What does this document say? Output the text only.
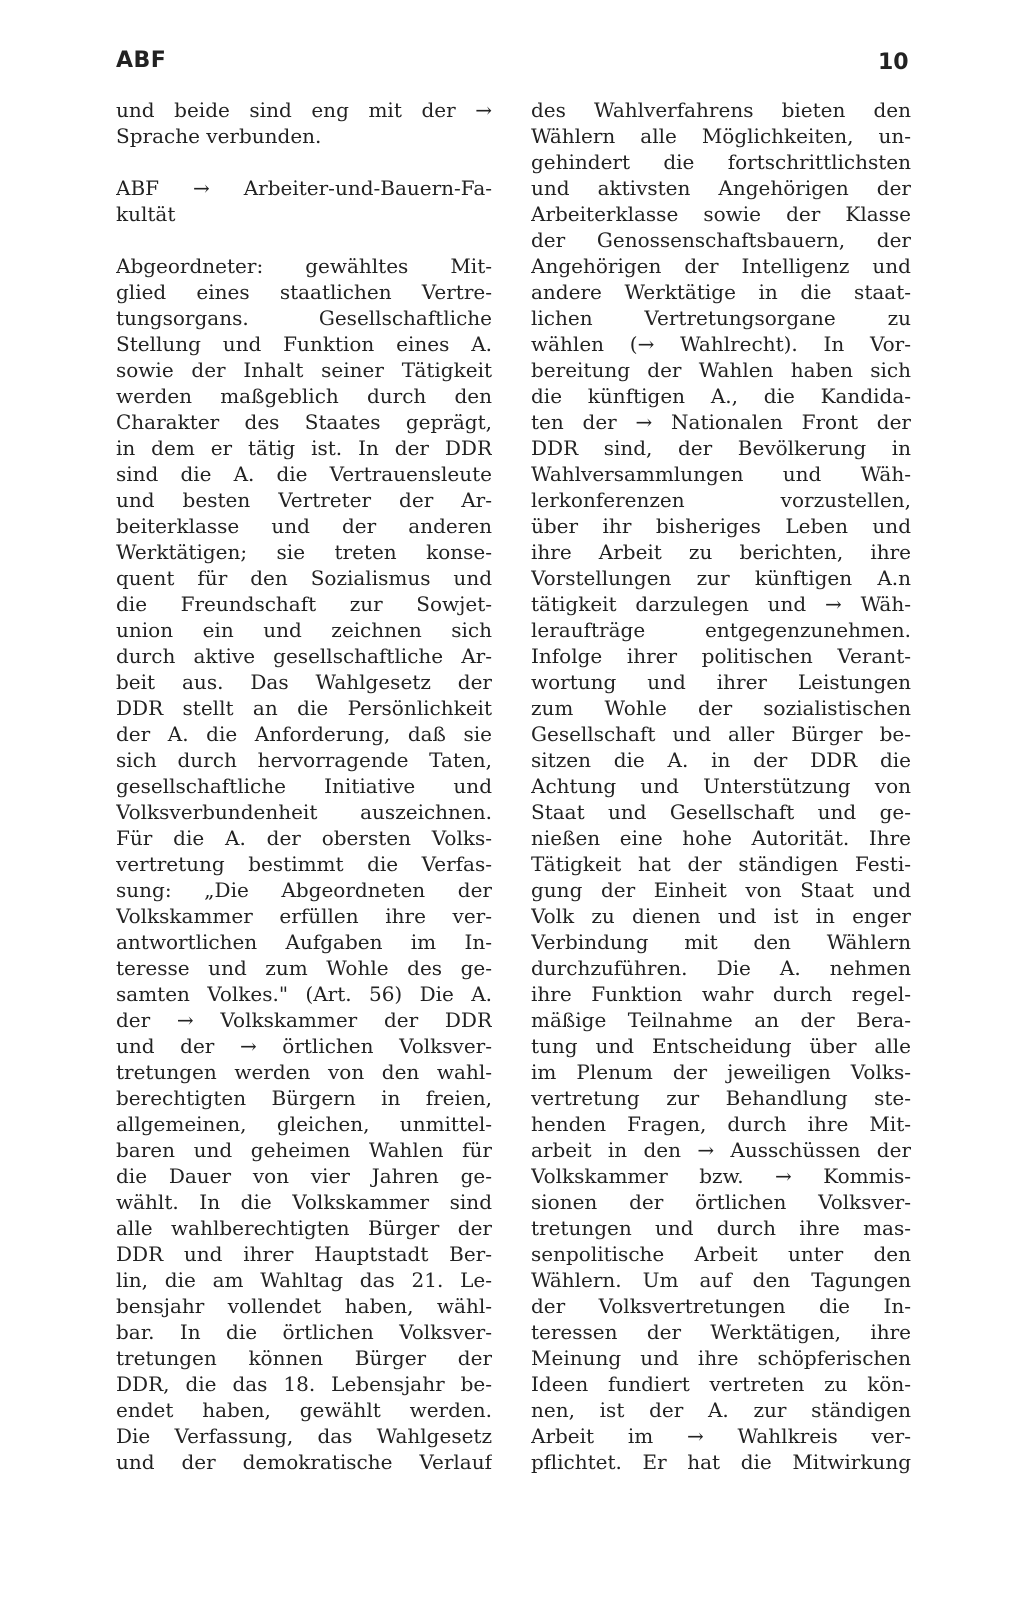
ABF	10
und beide sind eng mit der →
Sprache verbunden.
ABF → Arbeiter-und-Bauern-Fa-
kultät
Abgeordneter: gewähltes Mit-
glied eines staatlichen Vertre-
tungsorgans. Gesellschaftliche
Stellung und Funktion eines A.
sowie der Inhalt seiner Tätigkeit
werden maßgeblich durch den
Charakter des Staates geprägt,
in dem er tätig ist. In der DDR
sind die A. die Vertrauensleute
und besten Vertreter der Ar-
beiterklasse und der anderen
Werktätigen; sie treten konse-
quent für den Sozialismus und
die Freundschaft zur Sowjet-
union ein und zeichnen sich
durch aktive gesellschaftliche Ar-
beit aus. Das Wahlgesetz der
DDR stellt an die Persönlichkeit
der A. die Anforderung, daß sie
sich durch hervorragende Taten,
gesellschaftliche Initiative und
Volksverbundenheit auszeichnen.
Für die A. der obersten Volks-
vertretung bestimmt die Verfas-
sung: „Die Abgeordneten der
Volkskammer erfüllen ihre ver-
antwortlichen Aufgaben im In-
teresse und zum Wohle des ge-
samten Volkes." (Art. 56) Die A.
der → Volkskammer der DDR
und der → örtlichen Volksver-
tretungen werden von den wahl-
berechtigten Bürgern in freien,
allgemeinen, gleichen, unmittel-
baren und geheimen Wahlen für
die Dauer von vier Jahren ge-
wählt. In die Volkskammer sind
alle wahlberechtigten Bürger der
DDR und ihrer Hauptstadt Ber-
lin, die am Wahltag das 21. Le-
bensjahr vollendet haben, wähl-
bar. In die örtlichen Volksver-
tretungen können Bürger der
DDR, die das 18. Lebensjahr be-
endet haben, gewählt werden.
Die Verfassung, das Wahlgesetz
und der demokratische Verlauf
des Wahlverfahrens bieten den
Wählern alle Möglichkeiten, un-
gehindert die fortschrittlichsten
und aktivsten Angehörigen der
Arbeiterklasse sowie der Klasse
der Genossenschaftsbauern, der
Angehörigen der Intelligenz und
andere Werktätige in die staat-
lichen Vertretungsorgane zu
wählen (→ Wahlrecht). In Vor-
bereitung der Wahlen haben sich
die künftigen A., die Kandida-
ten der → Nationalen Front der
DDR sind, der Bevölkerung in
Wahlversammlungen und Wäh-
lerkonferenzen vorzustellen,
über ihr bisheriges Leben und
ihre Arbeit zu berichten, ihre
Vorstellungen zur künftigen A.n
tätigkeit darzulegen und → Wäh-
leraufträge entgegenzunehmen.
Infolge ihrer politischen Verant-
wortung und ihrer Leistungen
zum Wohle der sozialistischen
Gesellschaft und aller Bürger be-
sitzen die A. in der DDR die
Achtung und Unterstützung von
Staat und Gesellschaft und ge-
nießen eine hohe Autorität. Ihre
Tätigkeit hat der ständigen Festi-
gung der Einheit von Staat und
Volk zu dienen und ist in enger
Verbindung mit den Wählern
durchzuführen. Die A. nehmen
ihre Funktion wahr durch regel-
mäßige Teilnahme an der Bera-
tung und Entscheidung über alle
im Plenum der jeweiligen Volks-
vertretung zur Behandlung ste-
henden Fragen, durch ihre Mit-
arbeit in den → Ausschüssen der
Volkskammer bzw. → Kommis-
sionen der örtlichen Volksver-
tretungen und durch ihre mas-
senpolitische Arbeit unter den
Wählern. Um auf den Tagungen
der Volksvertretungen die In-
teressen der Werktätigen, ihre
Meinung und ihre schöpferischen
Ideen fundiert vertreten zu kön-
nen, ist der A. zur ständigen
Arbeit im → Wahlkreis ver-
pflichtet. Er hat die Mitwirkung
